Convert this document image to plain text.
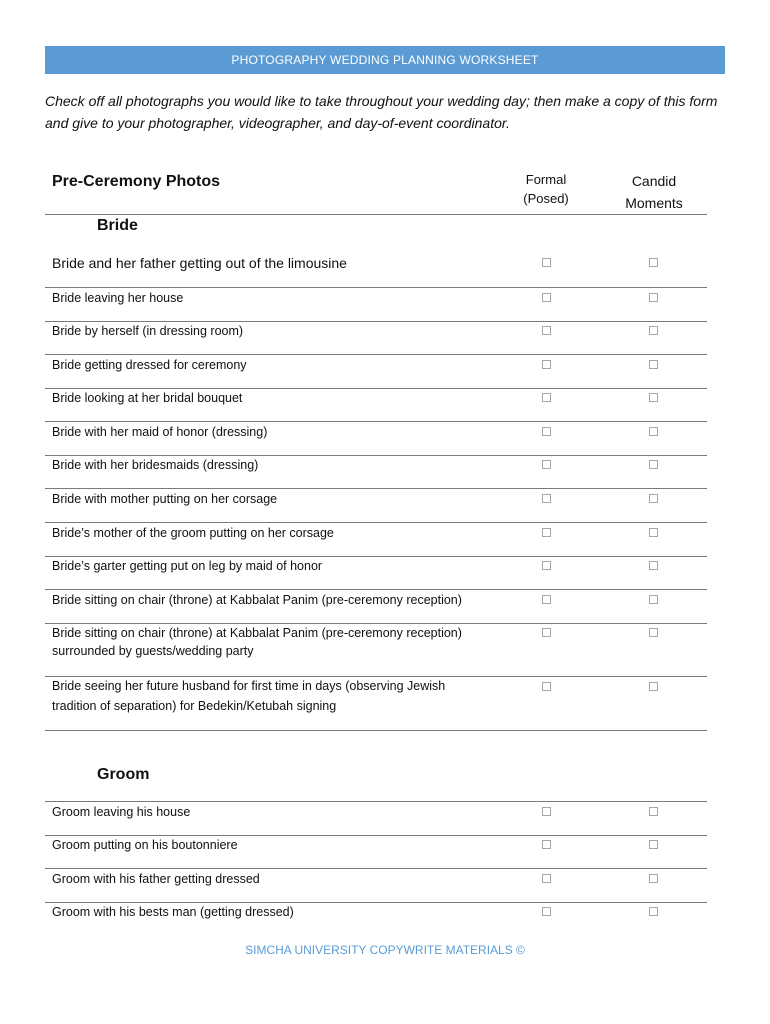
PHOTOGRAPHY WEDDING PLANNING WORKSHEET
Check off all photographs you would like to take throughout your wedding day; then make a copy of this form and give to your photographer, videographer, and day-of-event coordinator.
Pre-Ceremony Photos	Formal
(Posed)
Candid
Moments
Bride
Bride and her father getting out of the limousine
Bride leaving her house
Bride by herself (in dressing room)
Bride getting dressed for ceremony
Bride looking at her bridal bouquet
Bride with her maid of honor (dressing)
Bride with her bridesmaids (dressing)
Bride with mother putting on her corsage
Bride’s mother of the groom putting on her corsage
Bride’s garter getting put on leg by maid of honor
Bride sitting on chair (throne) at Kabbalat Panim (pre-ceremony reception)
Bride sitting on chair (throne) at Kabbalat Panim (pre-ceremony reception)
surrounded by guests/wedding party
Bride seeing her future husband for first time in days (observing Jewish
tradition of separation) for Bedekin/Ketubah signing
Groom
Groom leaving his house
Groom putting on his boutonniere
Groom with his father getting dressed
Groom with his bests man (getting dressed)
SIMCHA UNIVERSITY COPYWRITE MATERIALS ©
